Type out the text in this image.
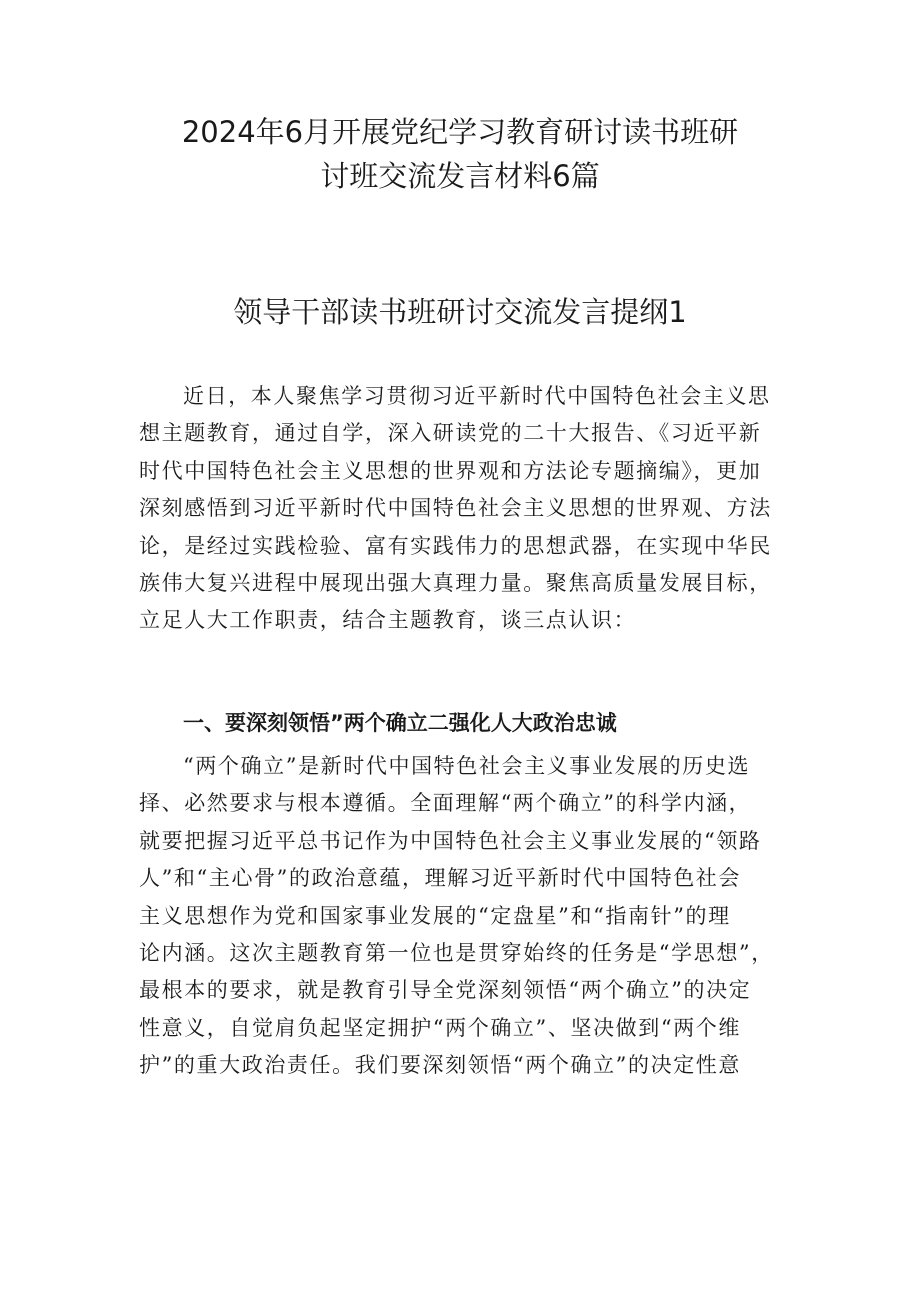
2024年6月开展党纪学习教育研讨读书班研
讨班交流发言材料6篇
领导干部读书班研讨交流发言提纲1
近日，本人聚焦学习贯彻习近平新时代中国特色社会主义思
想主题教育，通过自学，深入研读党的二十大报告、《习近平新
时代中国特色社会主义思想的世界观和方法论专题摘编》，更加
深刻感悟到习近平新时代中国特色社会主义思想的世界观、方法
论，是经过实践检验、富有实践伟力的思想武器，在实现中华民
族伟大复兴进程中展现出强大真理力量。聚焦高质量发展目标，
立足人大工作职责，结合主题教育，谈三点认识：
一、要深刻领悟”两个确立二强化人大政治忠诚
“两个确立”是新时代中国特色社会主义事业发展的历史选
择、必然要求与根本遵循。全面理解“两个确立”的科学内涵，
就要把握习近平总书记作为中国特色社会主义事业发展的“领路
人”和“主心骨”的政治意蕴，理解习近平新时代中国特色社会
主义思想作为党和国家事业发展的“定盘星”和“指南针”的理
论内涵。这次主题教育第一位也是贯穿始终的任务是“学思想”，
最根本的要求，就是教育引导全党深刻领悟“两个确立”的决定
性意义，自觉肩负起坚定拥护“两个确立”、坚决做到“两个维
护”的重大政治责任。我们要深刻领悟“两个确立”的决定性意
